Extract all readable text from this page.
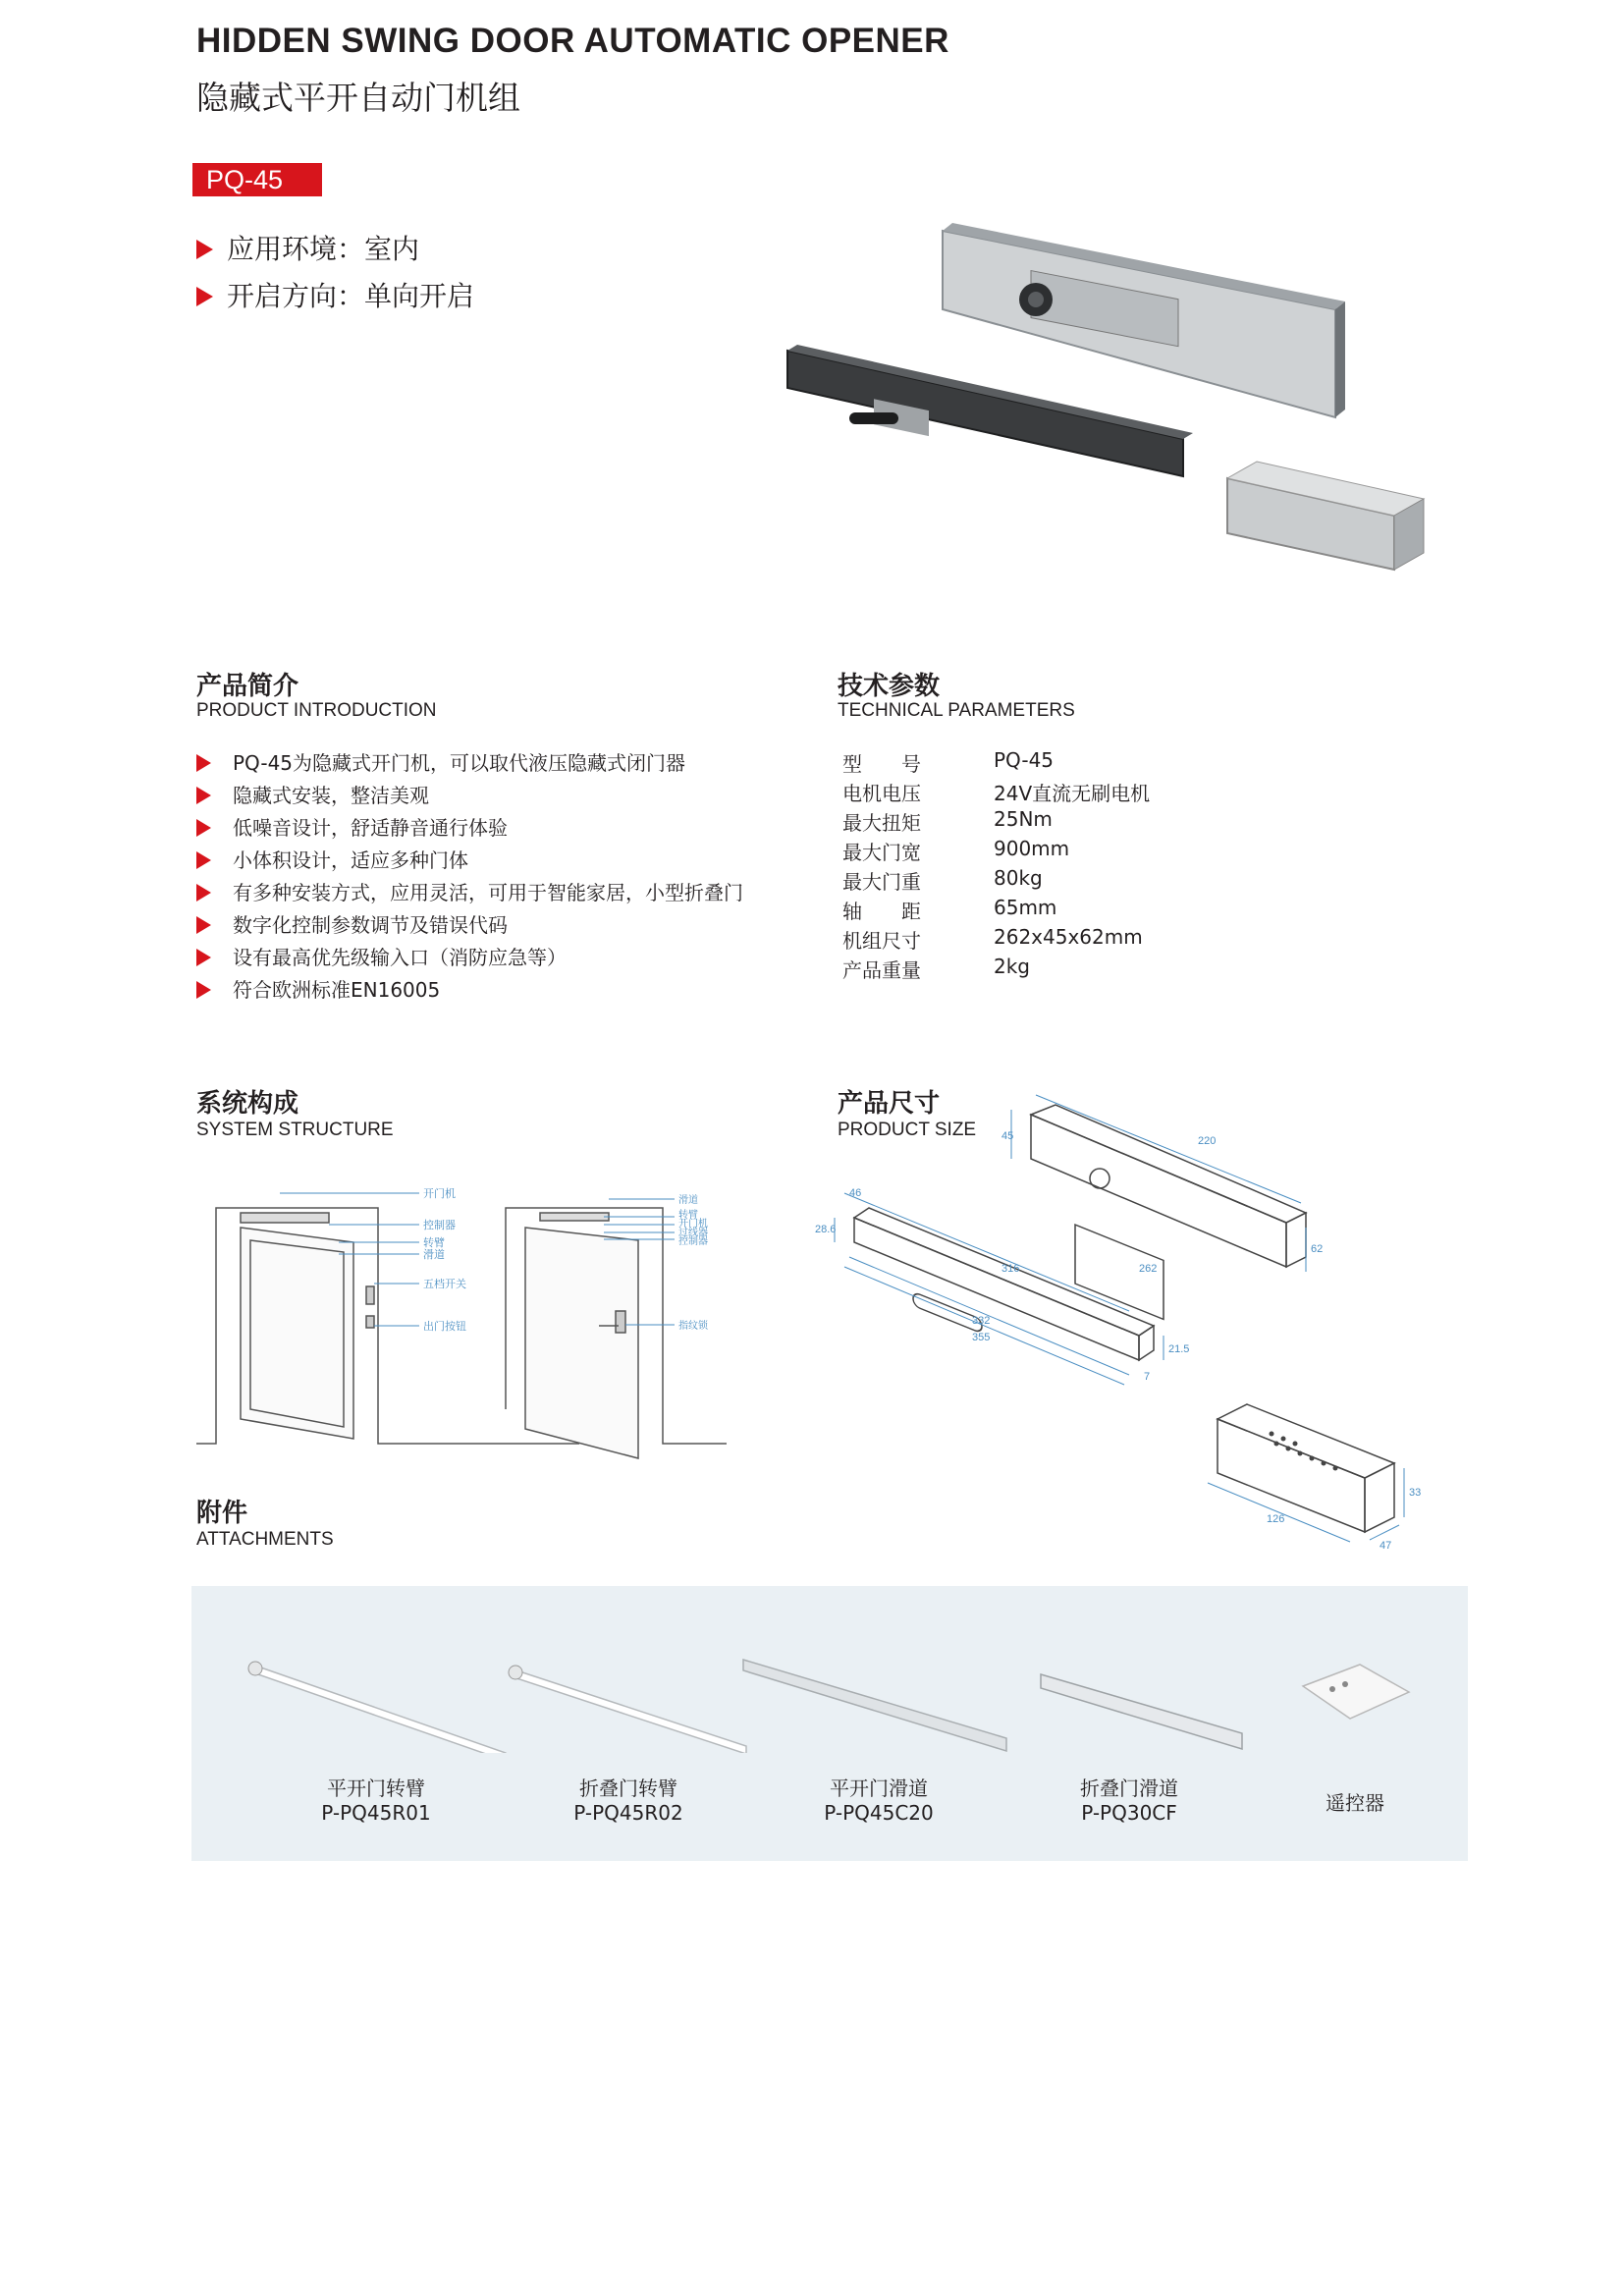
HIDDEN SWING DOOR AUTOMATIC OPENER
隐藏式平开自动门机组
PQ-45
应用环境：室内
开启方向：单向开启
产品简介
PRODUCT INTRODUCTION
PQ-45为隐藏式开门机，可以取代液压隐藏式闭门器
隐藏式安装，整洁美观
低噪音设计，舒适静音通行体验
小体积设计，适应多种门体
有多种安装方式，应用灵活，可用于智能家居，小型折叠门
数字化控制参数调节及错误代码
设有最高优先级输入口（消防应急等）
符合欧洲标准EN16005
技术参数
TECHNICAL PARAMETERS
型　　号	PQ-45
电机电压	24V直流无刷电机
最大扭矩	25Nm
最大门宽	900mm
最大门重	80kg
轴　　距	65mm
机组尺寸	262x45x62mm
产品重量	2kg
系统构成
SYSTEM STRUCTURE
开门机
控制器
转臂
滑道
五档开关
出门按钮
滑道
转臂
开门机
过线器
控制器
指纹锁
产品尺寸
PRODUCT SIZE 45	220
46
28.6
316	262
62
332
355
21.5
7
126
47
33
附件
ATTACHMENTS
平开门转臂
P-PQ45R01
折叠门转臂
P-PQ45R02
平开门滑道
P-PQ45C20
折叠门滑道
P-PQ30CF	遥控器
